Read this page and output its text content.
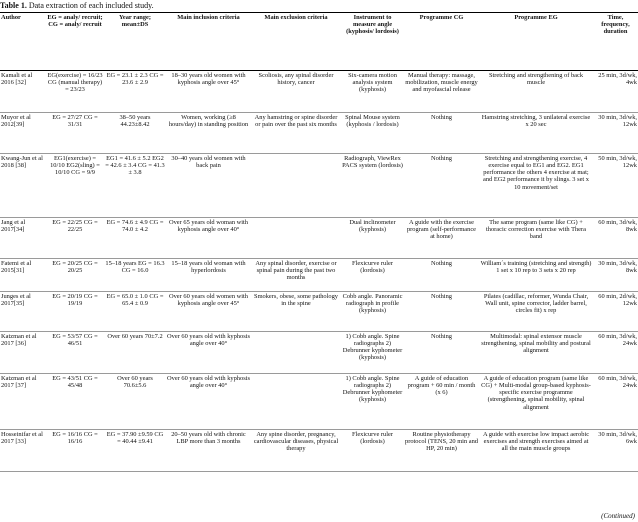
Table 1. Data extraction of each included study.
Author	EG = analy/ recruit; CG = analy/ recruit	Year range; mean±DS	Main inclusion criteria	Main exclusion criteria	Instrument to measure angle (kyphosis/ lordosis)	Programme CG	Programme EG	Time, frequency, duration
Kamali et al 2016 [32]	EG(exercise) = 16/23 CG (manual therapy) = 23/23	EG = 23.1 ± 2.3 CG = 23.6 ± 2.9	18–30 years old women with kyphosis angle over 45°	Scoliosis, any spinal disorder history, cancer	Six-camera motion analysis system (kyphosis)	Manual therapy: massage, mobilization, muscle energy and myofascial release	Stretching and strengthening of back muscle	25 min, 3d/wk, 4wk
Muyor et al 2012[39]	EG = 27/27 CG = 31/31	38–50 years 44.23±8.42	Women, working (≥8 hours/day) in standing position	Any hamstring or spine disorder or pain over the past six months	Spinal Mouse system (kyphosis / lordosis)	Nothing	Hamstring stretching, 3 unilateral exercise x 20 sec	30 min, 3d/wk, 12wk
Kwang-Jun et al 2018 [38]	EG1(exercise) = 10/10 EG2(sling) = 10/10 CG = 9/9	EG1 = 41.6 ± 5.2 EG2 = 42.6 ± 3.4 CG = 41.3 ± 3.8	30–40 years old women with back pain		Radiograph, ViewRex PACS system (lordosis)	Nothing	Stretching and strengthening exercise, 4 exercise equal to EG1 and EG2. EG1 performance the others 4 exercise at mat; and EG2 performance it by slings. 3 set x 10 movement/set	50 min, 3d/wk, 12wk
Jang et al 2017[34]	EG = 22/25 CG = 22/25	EG = 74.6 ± 4.9 CG = 74.0 ± 4.2	Over 65 years old woman with kyphosis angle over 40°		Dual inclinometer (kyphosis)	A guide with the exercise program (self-performance at home)	The same program (same like CG) + thoracic correction exercise with Thera band	60 min, 3d/wk, 8wk
Fatemi et al 2015[31]	EG = 20/25 CG = 20/25	15–18 years EG = 16.3 CG = 16.0	15–18 years old woman with hyperlordosis	Any spinal disorder, exercise or spinal pain during the past two months	Flexicurve ruler (lordosis)	Nothing	William´s training (stretching and strength) 1 set x 10 rep to 3 sets x 20 rep	30 min, 3d/wk, 8wk
Junges et al 2017[35]	EG = 20/19 CG = 19/19	EG = 65.0 ± 1.0 CG = 65.4 ± 0.9	Over 60 years old women with kyphosis angle over 45°	Smokers, obese, some pathology in the spine	Cobb angle. Panoramic radiograph in profile (kyphosis)	Nothing	Pilates (cadillac, reformer, Wunda Chair, Wall unit, spine corrector, ladder barrel, circles fit) x rep	60 min, 2d/wk, 12wk
Katzman et al 2017 [36]	EG = 53/57 CG = 46/51	Over 60 years 70±7.2	Over 60 years old with kyphosis angle over 40°		1) Cobb angle. Spine radiographs 2) Debrunner kyphometer (kyphosis)	Nothing	Multimodal: spinal extensor muscle strengthening, spinal mobility and postural alignment	60 min, 3d/wk, 24wk
Katzman et al 2017 [37]	EG = 43/51 CG = 45/48	Over 60 years 70.6±5.6	Over 60 years old with kyphosis angle over 40°		1) Cobb angle. Spine radiographs 2) Debrunner kyphometer (kyphosis)	A guide of education program + 60 min / month (x 6)	A guide of education program (same like CG) + Multi-modal group-based kyphosis-specific exercise programme (strengthening, spinal mobility, spinal alignment	60 min, 3d/wk, 24wk
Hosseinifar et al 2017 [33]	EG = 16/16 CG = 16/16	EG = 37.90 ±9.59 CG = 40.44 ±9.41	20–50 years old with chronic LBP more than 3 months	Any spine disorder, pregnancy, cardiovascular diseases, physical therapy	Flexicurve ruler (lordosis)	Routine physiotherapy protocol (TENS, 20 min and HP, 20 min)	A guide with exercise low impact aerobic exercises and strength exercises aimed at all the main muscle groups	30 min, 3d/wk, 6wk
(Continued)
